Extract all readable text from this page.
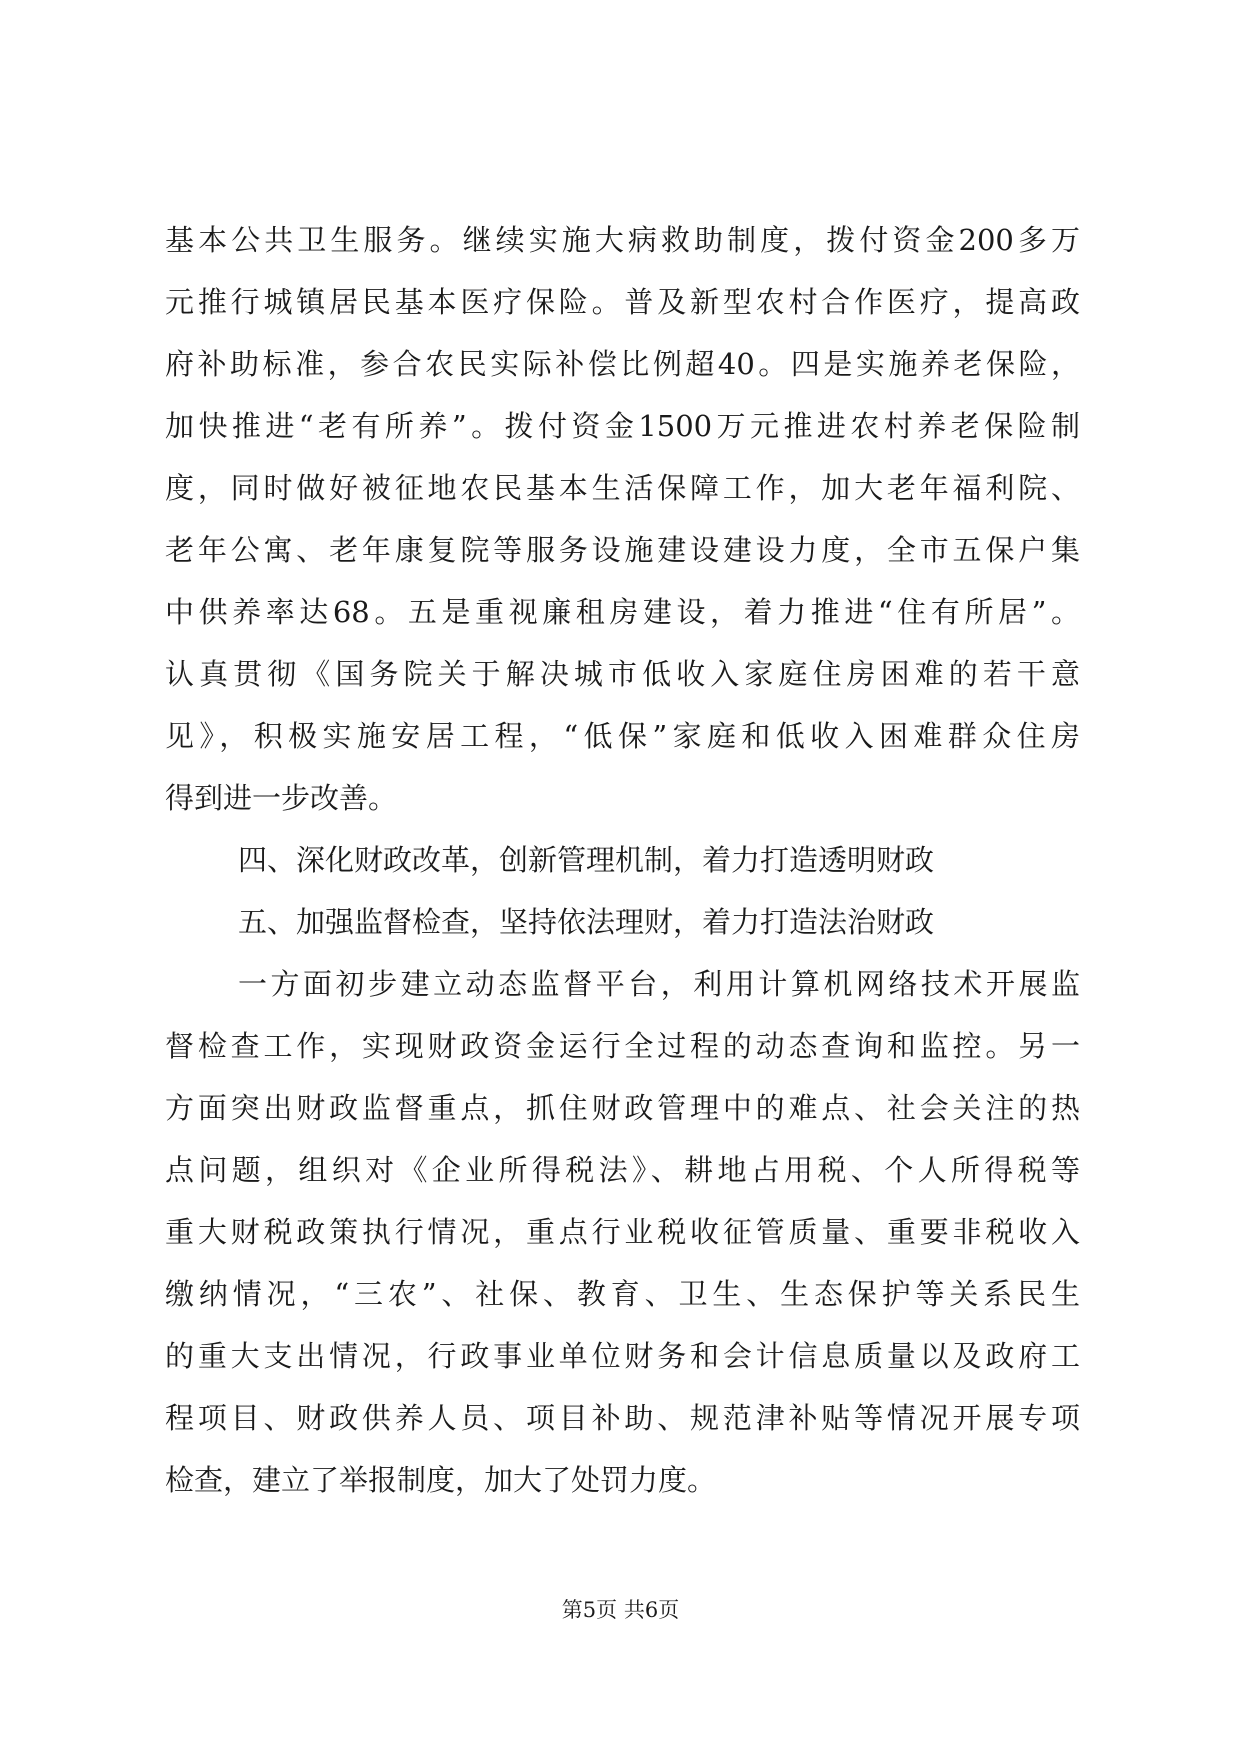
基本公共卫生服务。继续实施大病救助制度，拨付资金200多万
元推行城镇居民基本医疗保险。普及新型农村合作医疗，提高政
府补助标准，参合农民实际补偿比例超40。四是实施养老保险，
加快推进“老有所养”。拨付资金1500万元推进农村养老保险制
度，同时做好被征地农民基本生活保障工作，加大老年福利院、
老年公寓、老年康复院等服务设施建设建设力度，全市五保户集
中供养率达68。五是重视廉租房建设，着力推进“住有所居”。
认真贯彻《国务院关于解决城市低收入家庭住房困难的若干意
见》，积极实施安居工程，“低保”家庭和低收入困难群众住房
得到进一步改善。
四、深化财政改革，创新管理机制，着力打造透明财政
五、加强监督检查，坚持依法理财，着力打造法治财政
一方面初步建立动态监督平台，利用计算机网络技术开展监
督检查工作，实现财政资金运行全过程的动态查询和监控。另一
方面突出财政监督重点，抓住财政管理中的难点、社会关注的热
点问题，组织对《企业所得税法》、耕地占用税、个人所得税等
重大财税政策执行情况，重点行业税收征管质量、重要非税收入
缴纳情况，“三农”、社保、教育、卫生、生态保护等关系民生
的重大支出情况，行政事业单位财务和会计信息质量以及政府工
程项目、财政供养人员、项目补助、规范津补贴等情况开展专项
检查，建立了举报制度，加大了处罚力度。
第5页 共6页
